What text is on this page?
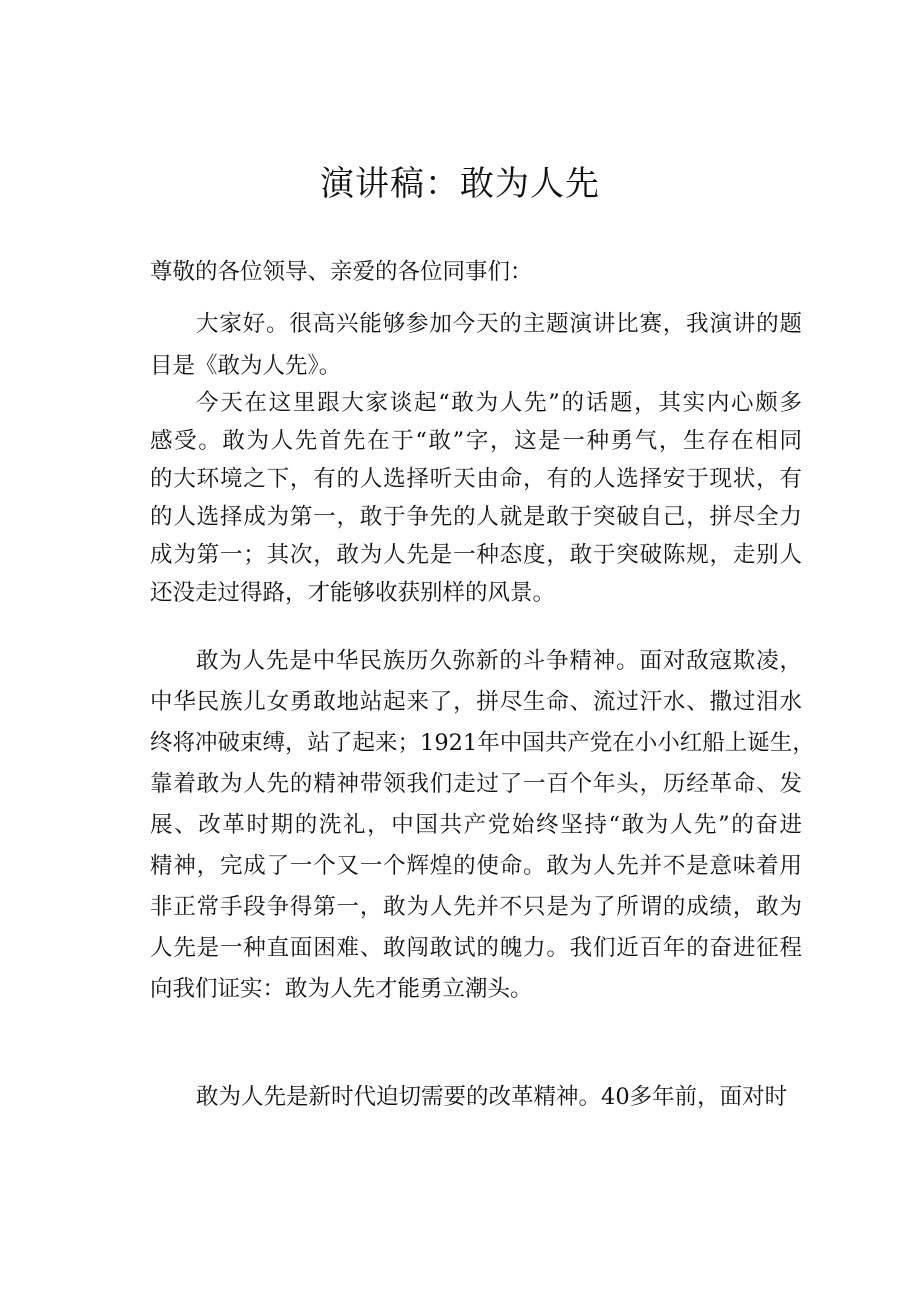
演讲稿：敢为人先
尊敬的各位领导、亲爱的各位同事们：
大家好。很高兴能够参加今天的主题演讲比赛，我演讲的题
目是《敢为人先》。
今天在这里跟大家谈起“敢为人先”的话题，其实内心颇多
感受。敢为人先首先在于“敢”字，这是一种勇气，生存在相同
的大环境之下，有的人选择听天由命，有的人选择安于现状，有
的人选择成为第一，敢于争先的人就是敢于突破自己，拼尽全力
成为第一；其次，敢为人先是一种态度，敢于突破陈规，走别人
还没走过得路，才能够收获别样的风景。
敢为人先是中华民族历久弥新的斗争精神。面对敌寇欺凌，
中华民族儿女勇敢地站起来了，拼尽生命、流过汗水、撒过泪水
终将冲破束缚，站了起来；1921年中国共产党在小小红船上诞生，
靠着敢为人先的精神带领我们走过了一百个年头，历经革命、发
展、改革时期的洗礼，中国共产党始终坚持“敢为人先”的奋进
精神，完成了一个又一个辉煌的使命。敢为人先并不是意味着用
非正常手段争得第一，敢为人先并不只是为了所谓的成绩，敢为
人先是一种直面困难、敢闯敢试的魄力。我们近百年的奋进征程
向我们证实：敢为人先才能勇立潮头。
敢为人先是新时代迫切需要的改革精神。40多年前，面对时
